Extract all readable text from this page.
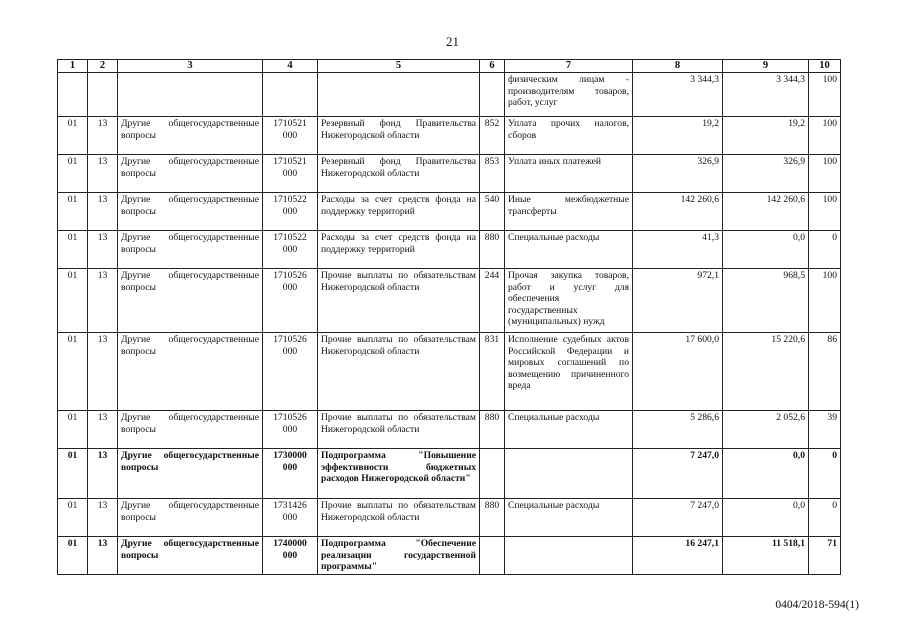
21
1	2	3	4	5	6	7	8	9	10
						физическим лицам - производителям товаров, работ, услуг	3 344,3	3 344,3	100
01	13	Другие общегосударственные вопросы	1710521 000	Резервный фонд Правительства Нижегородской области	852	Уплата прочих налогов, сборов	19,2	19,2	100
01	13	Другие общегосударственные вопросы	1710521 000	Резервный фонд Правительства Нижегородской области	853	Уплата иных платежей	326,9	326,9	100
01	13	Другие общегосударственные вопросы	1710522 000	Расходы за счет средств фонда на поддержку территорий	540	Иные межбюджетные трансферты	142 260,6	142 260,6	100
01	13	Другие общегосударственные вопросы	1710522 000	Расходы за счет средств фонда на поддержку территорий	880	Специальные расходы	41,3	0,0	0
01	13	Другие общегосударственные вопросы	1710526 000	Прочие выплаты по обязательствам Нижегородской области	244	Прочая закупка товаров, работ и услуг для обеспечения государственных (муниципальных) нужд	972,1	968,5	100
01	13	Другие общегосударственные вопросы	1710526 000	Прочие выплаты по обязательствам Нижегородской области	831	Исполнение судебных актов Российской Федерации и мировых соглашений по возмещению причиненного вреда	17 600,0	15 220,6	86
01	13	Другие общегосударственные вопросы	1710526 000	Прочие выплаты по обязательствам Нижегородской области	880	Специальные расходы	5 286,6	2 052,6	39
01	13	Другие общегосударственные вопросы	1730000 000	Подпрограмма "Повышение эффективности бюджетных расходов Нижегородской области"			7 247,0	0,0	0
01	13	Другие общегосударственные вопросы	1731426 000	Прочие выплаты по обязательствам Нижегородской области	880	Специальные расходы	7 247,0	0,0	0
01	13	Другие общегосударственные вопросы	1740000 000	Подпрограмма "Обеспечение реализации государственной программы"			16 247,1	11 518,1	71
0404/2018-594(1)
